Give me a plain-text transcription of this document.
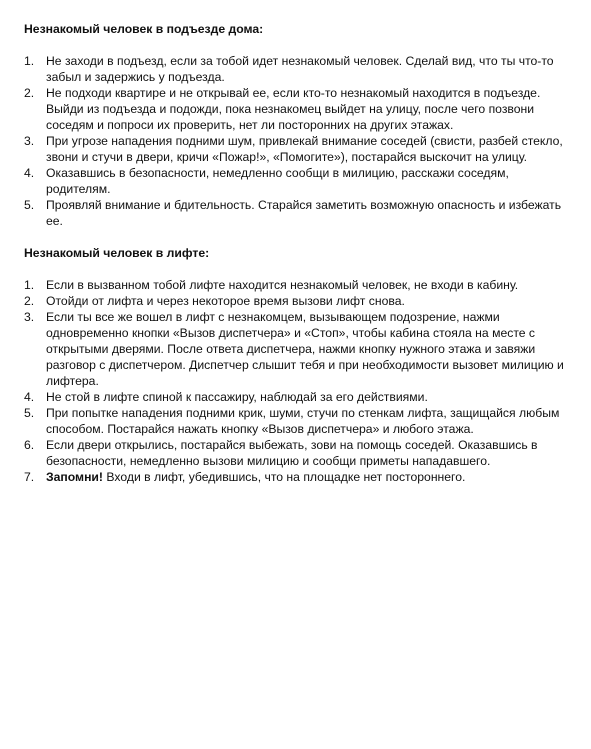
Незнакомый человек в подъезде дома:
1. Не заходи в подъезд, если за тобой идет незнакомый человек. Сделай вид, что ты что-то забыл и задержись у подъезда.
2. Не подходи квартире и не открывай ее, если кто-то незнакомый находится в подъезде. Выйди из подъезда и подожди, пока незнакомец выйдет на улицу, после чего позвони соседям и попроси их проверить, нет ли посторонних на других этажах.
3. При угрозе нападения подними шум, привлекай внимание соседей (свисти, разбей стекло, звони и стучи в двери, кричи «Пожар!», «Помогите»), постарайся выскочит на улицу.
4. Оказавшись в безопасности, немедленно сообщи в милицию, расскажи соседям, родителям.
5. Проявляй внимание и бдительность. Старайся заметить возможную опасность и избежать ее.
Незнакомый человек в лифте:
1. Если в вызванном тобой лифте находится незнакомый человек, не входи в кабину.
2. Отойди от лифта и через некоторое время вызови лифт снова.
3. Если ты все же вошел в лифт с незнакомцем, вызывающем подозрение, нажми одновременно кнопки «Вызов диспетчера» и «Стоп», чтобы кабина стояла на месте с открытыми дверями. После ответа диспетчера, нажми кнопку нужного этажа и завяжи разговор с диспетчером. Диспетчер слышит тебя и при необходимости вызовет милицию и лифтера.
4. Не стой в лифте спиной к пассажиру, наблюдай за его действиями.
5. При попытке нападения подними крик, шуми, стучи по стенкам лифта, защищайся любым способом. Постарайся нажать кнопку «Вызов диспетчера» и любого этажа.
6. Если двери открылись, постарайся выбежать, зови на помощь соседей. Оказавшись в безопасности, немедленно вызови милицию и сообщи приметы нападавшего.
7. Запомни! Входи в лифт, убедившись, что на площадке нет постороннего.
